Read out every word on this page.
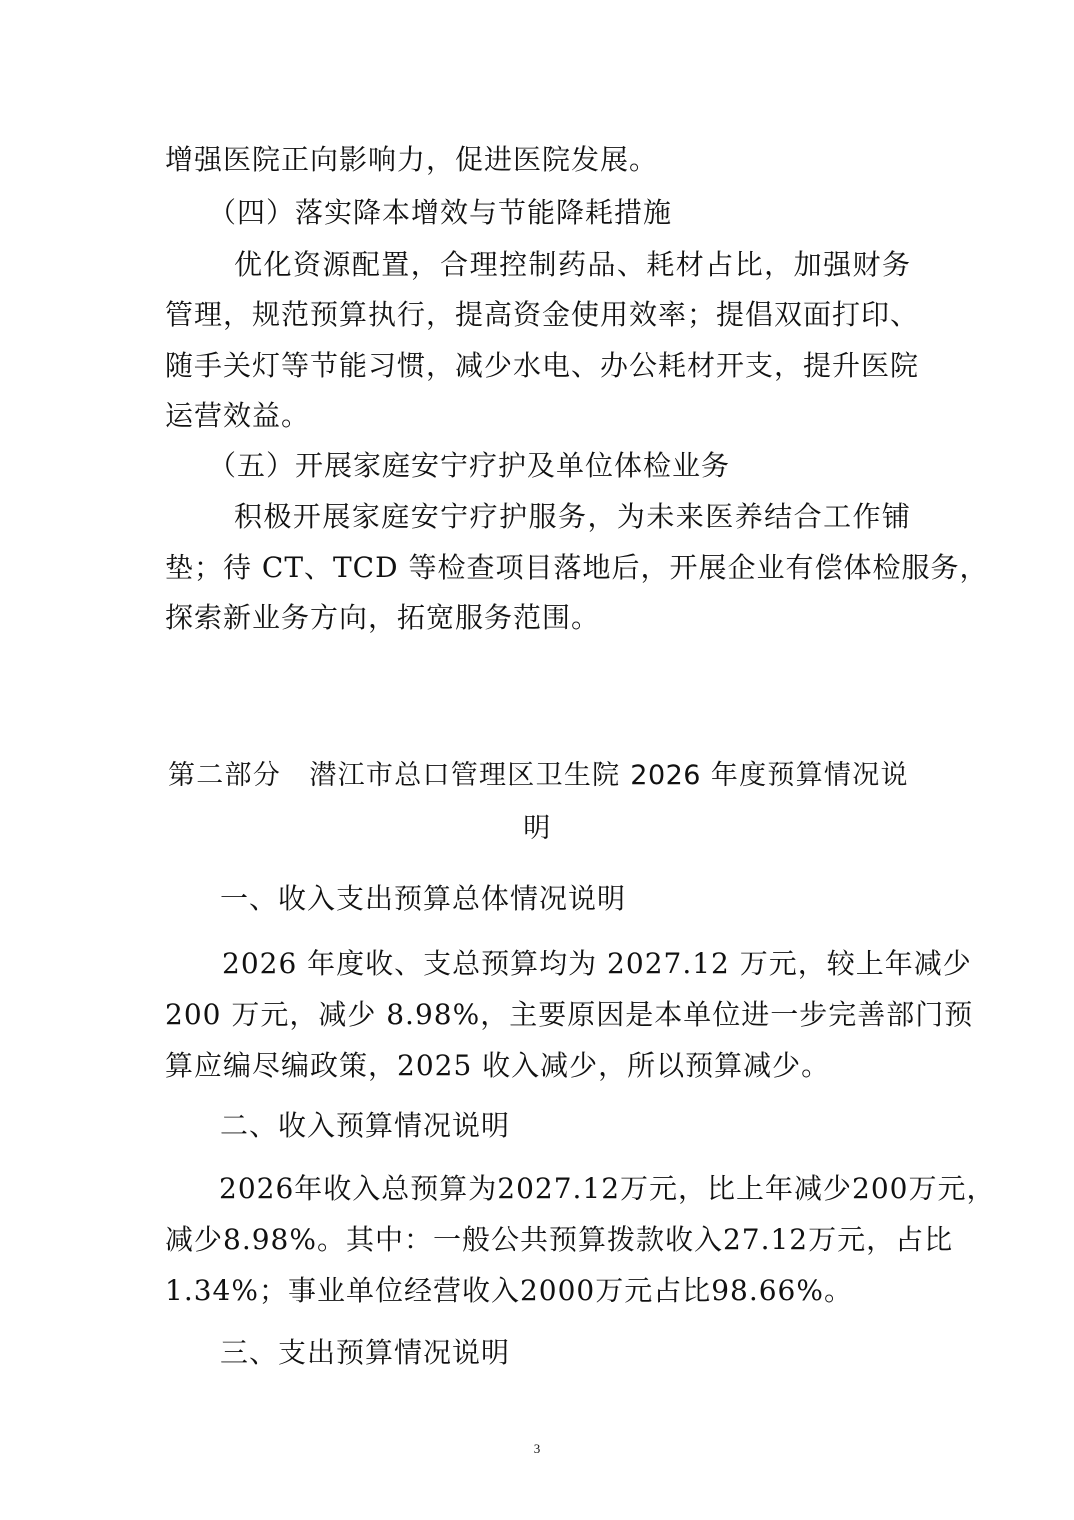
增强医院正向影响力，促进医院发展。
（四）落实降本增效与节能降耗措施
优化资源配置，合理控制药品、耗材占比，加强财务
管理，规范预算执行，提高资金使用效率；提倡双面打印、
随手关灯等节能习惯，减少水电、办公耗材开支，提升医院
运营效益。
（五）开展家庭安宁疗护及单位体检业务
积极开展家庭安宁疗护服务，为未来医养结合工作铺
垫；待 CT、TCD 等检查项目落地后，开展企业有偿体检服务，
探索新业务方向，拓宽服务范围。
第二部分　潜江市总口管理区卫生院 2026 年度预算情况说
明
一、收入支出预算总体情况说明
2026 年度收、支总预算均为 2027.12 万元，较上年减少
200 万元，减少 8.98%，主要原因是本单位进一步完善部门预
算应编尽编政策，2025 收入减少，所以预算减少。
二、收入预算情况说明
2026年收入总预算为2027.12万元，比上年减少200万元，
减少8.98%。其中：一般公共预算拨款收入27.12万元，占比
1.34%；事业单位经营收入2000万元占比98.66%。
三、支出预算情况说明
3
